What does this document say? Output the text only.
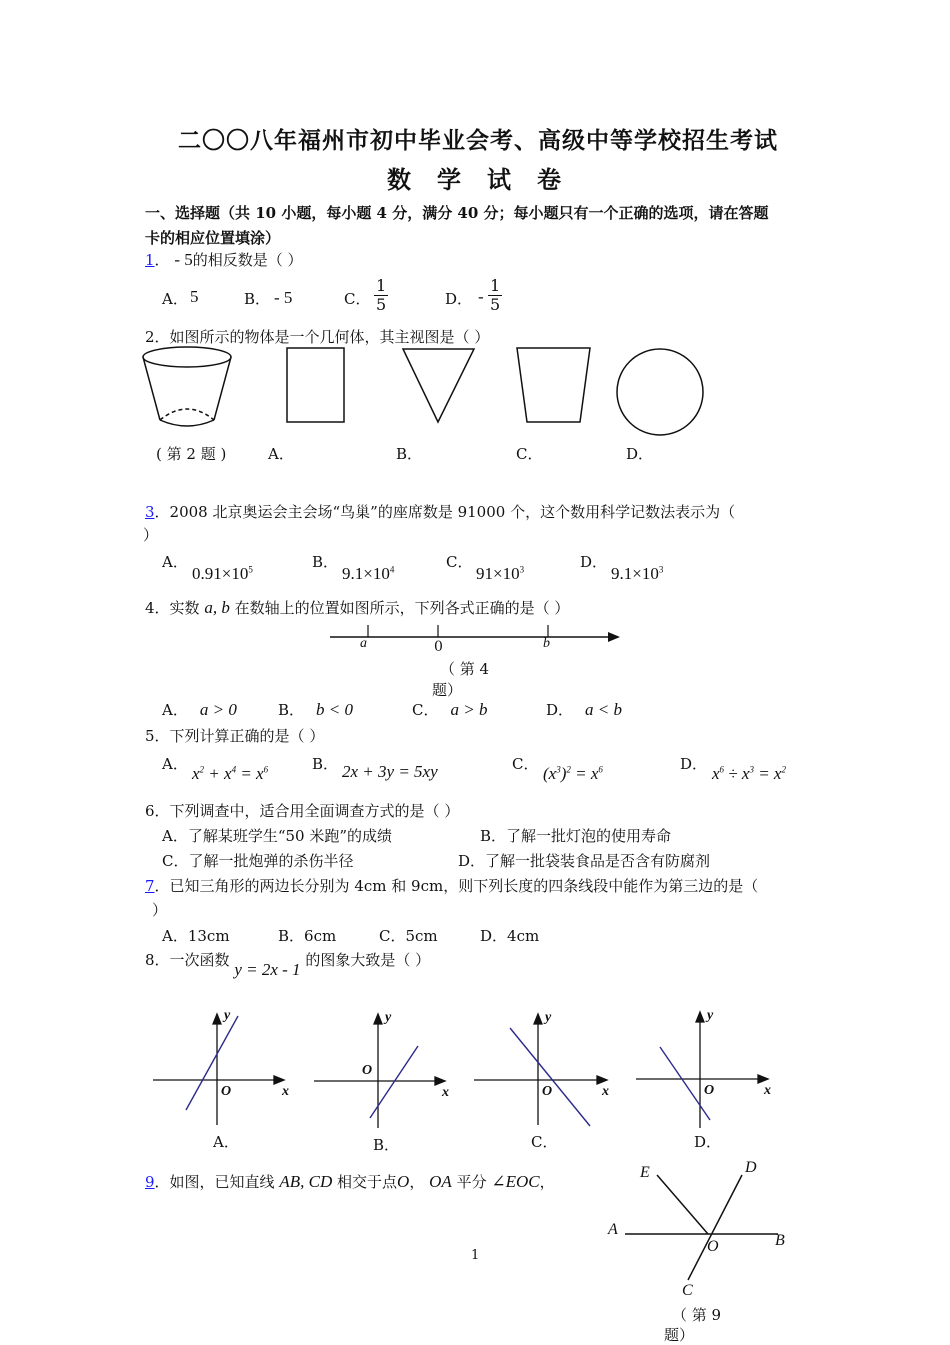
二〇〇八年福州市初中毕业会考、高级中等学校招生考试
数学试卷
一、选择题（共 10 小题，每小题 4 分，满分 40 分；每小题只有一个正确的选项，请在答题
卡的相应位置填涂）
1． - 5的相反数是（ ）
A． 5	B． - 5	C． $\frac{1}{5}$	D． - $\frac{1}{5}$
2．如图所示的物体是一个几何体，其主视图是（ ）
( 第 2 题 )	A．	B．	C．	D．
3．2008 北京奥运会主会场“鸟巢”的座席数是 91000 个，这个数用科学记数法表示为（
）
A．
$0.91\times 10^5$	B．
$9.1\times 10^4$	C．
$91\times 10^3$	D．
$9.1\times 10^3$
4．实数 a, b 在数轴上的位置如图所示，下列各式正确的是（ ）
a	0	b
（ 第 4
题）
A． a > 0	B． b < 0	C． a > b	D． a < b
5．下列计算正确的是（ ）
A． $x^2 + x^4 = x^6$	B． 2x + 3y = 5xy	C． $(x^3)^2 = x^6$	D． $x^6 \div x^3 = x^2$
6．下列调查中，适合用全面调查方式的是（ ）
A．了解某班学生“50 米跑”的成绩	B．了解一批灯泡的使用寿命
C．了解一批炮弹的杀伤半径	D．了解一批袋装食品是否含有防腐剂
7．已知三角形的两边长分别为 4cm 和 9cm，则下列长度的四条线段中能作为第三边的是（
）
A．13cm	B．6cm	C．5cm	D．4cm
8．一次函数 y = 2x - 1 的图象大致是（ ）
y
x
O
A．
y
x
O
B．
y
x
O
C．
y
x
O
D．
9．如图，已知直线 AB, CD 相交于点O， OA 平分 ∠EOC，
E	D
A
B
O
C
（ 第 9
题）
1
